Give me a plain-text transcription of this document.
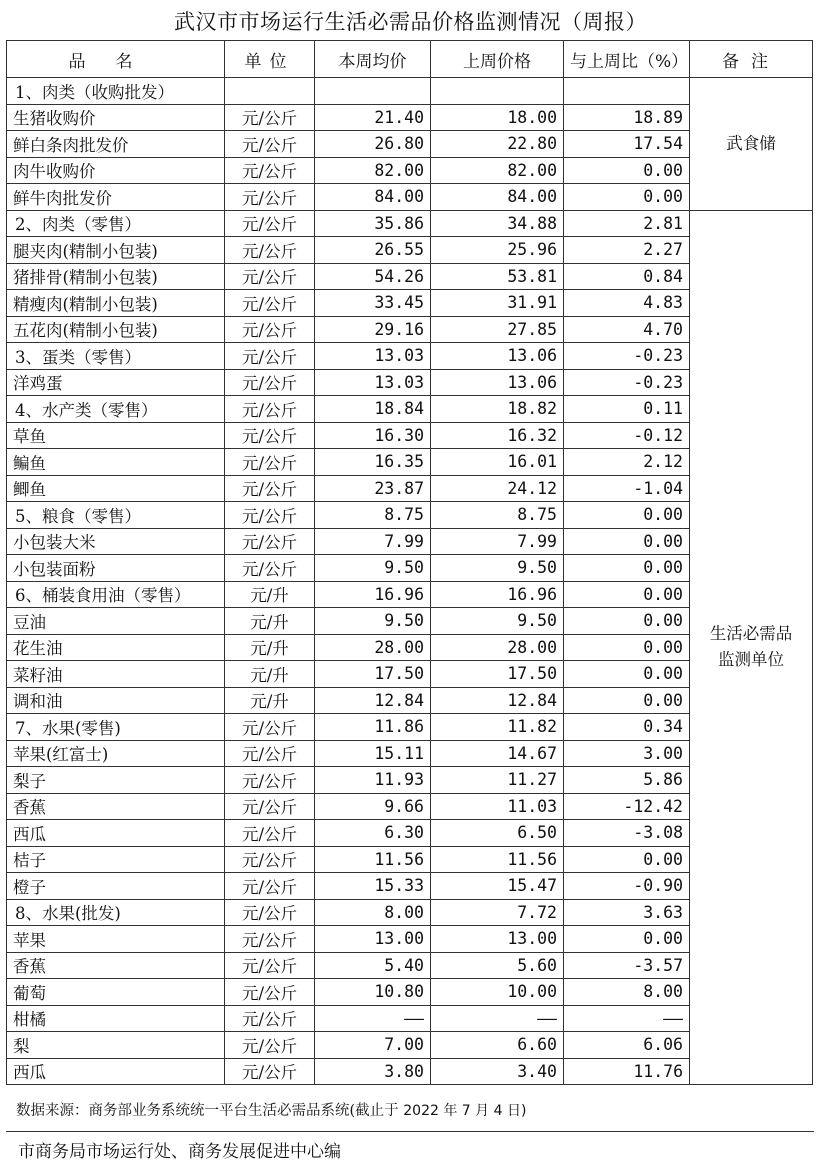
武汉市市场运行生活必需品价格监测情况（周报）
品名	单位	本周均价	上周价格	与上周比（%）	备注
1、肉类（收购批发）					武食储
生猪收购价	元/公斤	21.40	18.00	18.89	
鲜白条肉批发价	元/公斤	26.80	22.80	17.54	
肉牛收购价	元/公斤	82.00	82.00	0.00	
鲜牛肉批发价	元/公斤	84.00	84.00	0.00	
2、肉类（零售）	元/公斤	35.86	34.88	2.81	生活必需品
监测单位
腿夹肉(精制小包装)	元/公斤	26.55	25.96	2.27	
猪排骨(精制小包装)	元/公斤	54.26	53.81	0.84	
精瘦肉(精制小包装)	元/公斤	33.45	31.91	4.83	
五花肉(精制小包装)	元/公斤	29.16	27.85	4.70	
3、蛋类（零售）	元/公斤	13.03	13.06	-0.23	
洋鸡蛋	元/公斤	13.03	13.06	-0.23	
4、水产类（零售）	元/公斤	18.84	18.82	0.11	
草鱼	元/公斤	16.30	16.32	-0.12	
鳊鱼	元/公斤	16.35	16.01	2.12	
鲫鱼	元/公斤	23.87	24.12	-1.04	
5、粮食（零售）	元/公斤	8.75	8.75	0.00	
小包装大米	元/公斤	7.99	7.99	0.00	
小包装面粉	元/公斤	9.50	9.50	0.00	
6、桶装食用油（零售）	元/升	16.96	16.96	0.00	
豆油	元/升	9.50	9.50	0.00	
花生油	元/升	28.00	28.00	0.00	
菜籽油	元/升	17.50	17.50	0.00	
调和油	元/升	12.84	12.84	0.00	
7、水果(零售)	元/公斤	11.86	11.82	0.34	
苹果(红富士)	元/公斤	15.11	14.67	3.00	
梨子	元/公斤	11.93	11.27	5.86	
香蕉	元/公斤	9.66	11.03	-12.42	
西瓜	元/公斤	6.30	6.50	-3.08	
桔子	元/公斤	11.56	11.56	0.00	
橙子	元/公斤	15.33	15.47	-0.90	
8、水果(批发)	元/公斤	8.00	7.72	3.63	
苹果	元/公斤	13.00	13.00	0.00	
香蕉	元/公斤	5.40	5.60	-3.57	
葡萄	元/公斤	10.80	10.00	8.00	
柑橘	元/公斤	——	——	——	
梨	元/公斤	7.00	6.60	6.06	
西瓜	元/公斤	3.80	3.40	11.76	
数据来源：商务部业务系统统一平台生活必需品系统(截止于 2022 年 7 月 4 日)
市商务局市场运行处、商务发展促进中心编
